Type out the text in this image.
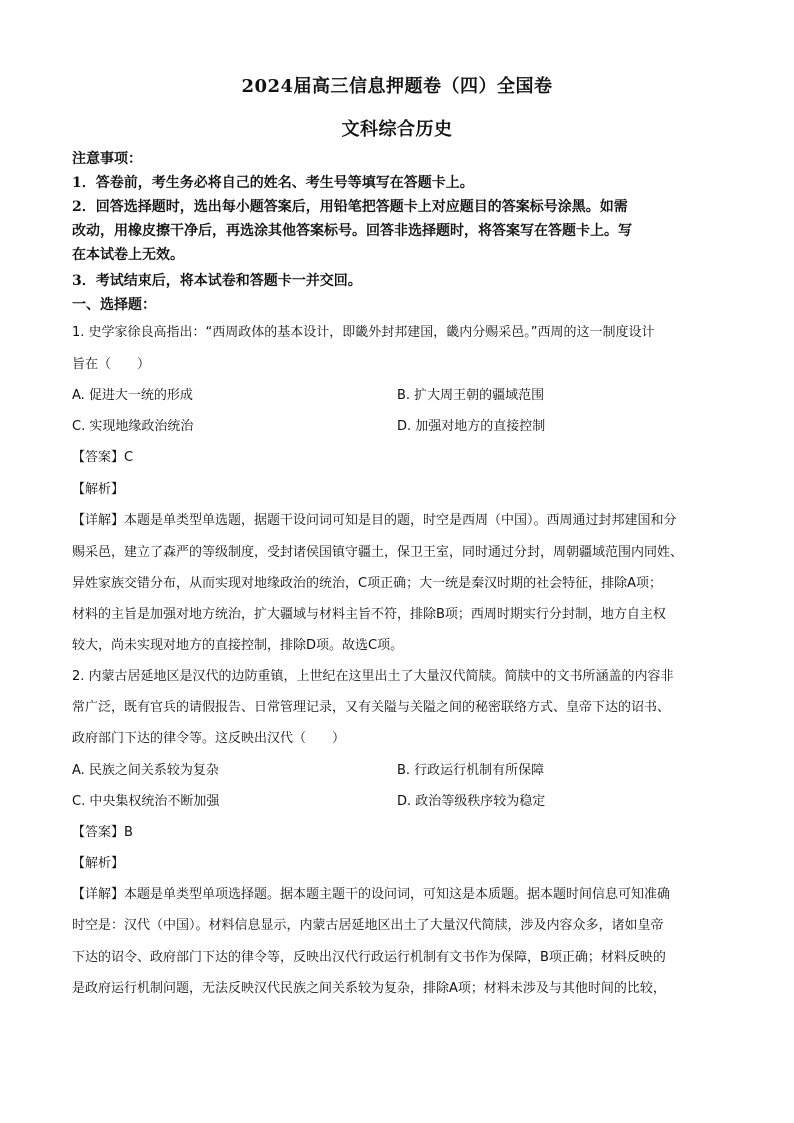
2024届高三信息押题卷（四）全国卷
文科综合历史
注意事项：
1．答卷前，考生务必将自己的姓名、考生号等填写在答题卡上。
2．回答选择题时，选出每小题答案后，用铅笔把答题卡上对应题目的答案标号涂黑。如需
改动，用橡皮擦干净后，再选涂其他答案标号。回答非选择题时，将答案写在答题卡上。写
在本试卷上无效。
3．考试结束后，将本试卷和答题卡一并交回。
一、选择题：
1. 史学家徐良高指出：“西周政体的基本设计，即畿外封邦建国，畿内分赐采邑。”西周的这一制度设计
旨在（　　）
A. 促进大一统的形成	B. 扩大周王朝的疆域范围
C. 实现地缘政治统治	D. 加强对地方的直接控制
【答案】C
【解析】
【详解】本题是单类型单选题，据题干设问词可知是目的题，时空是西周（中国）。西周通过封邦建国和分
赐采邑，建立了森严的等级制度，受封诸侯国镇守疆土，保卫王室，同时通过分封，周朝疆域范围内同姓、
异姓家族交错分布，从而实现对地缘政治的统治，C项正确；大一统是秦汉时期的社会特征，排除A项；
材料的主旨是加强对地方统治，扩大疆域与材料主旨不符，排除B项；西周时期实行分封制，地方自主权
较大，尚未实现对地方的直接控制，排除D项。故选C项。
2. 内蒙古居延地区是汉代的边防重镇，上世纪在这里出土了大量汉代简牍。简牍中的文书所涵盖的内容非
常广泛，既有官兵的请假报告、日常管理记录，又有关隘与关隘之间的秘密联络方式、皇帝下达的诏书、
政府部门下达的律令等。这反映出汉代（　　）
A. 民族之间关系较为复杂	B. 行政运行机制有所保障
C. 中央集权统治不断加强	D. 政治等级秩序较为稳定
【答案】B
【解析】
【详解】本题是单类型单项选择题。据本题主题干的设问词，可知这是本质题。据本题时间信息可知准确
时空是：汉代（中国）。材料信息显示，内蒙古居延地区出土了大量汉代简牍，涉及内容众多，诸如皇帝
下达的诏令、政府部门下达的律令等，反映出汉代行政运行机制有文书作为保障，B项正确；材料反映的
是政府运行机制问题，无法反映汉代民族之间关系较为复杂，排除A项；材料未涉及与其他时间的比较，
